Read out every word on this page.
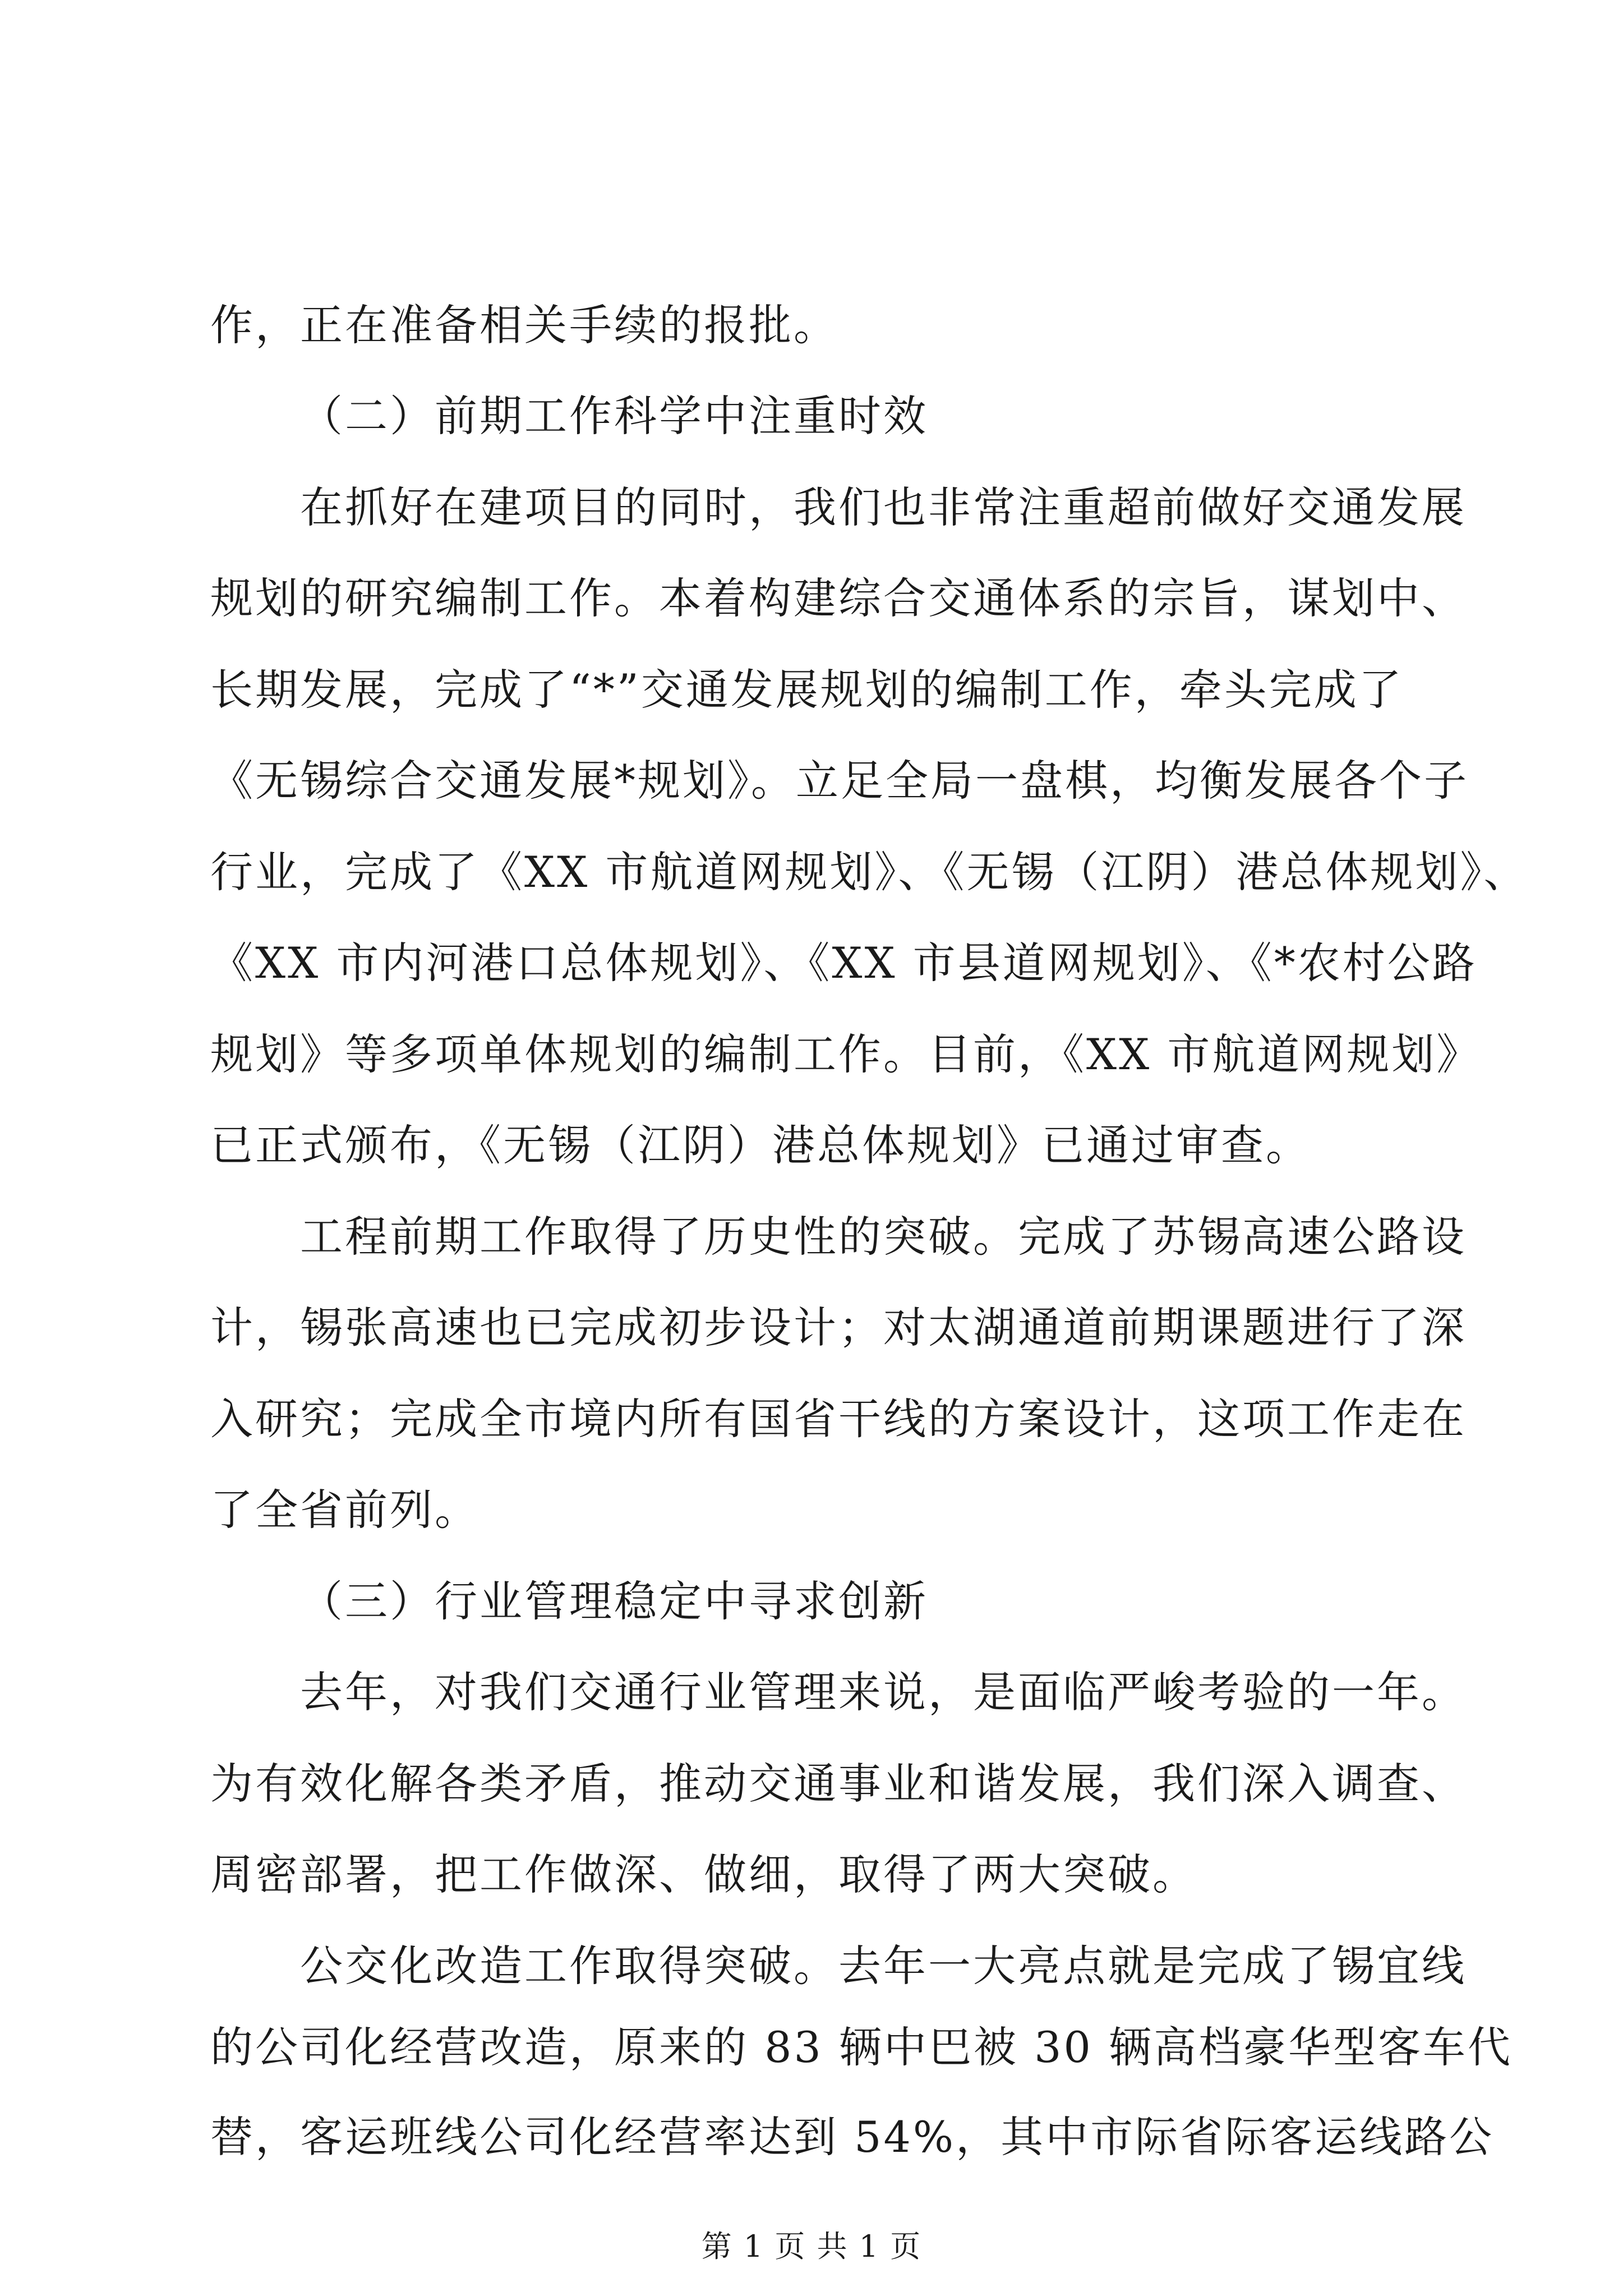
作，正在准备相关手续的报批。
（二）前期工作科学中注重时效
在抓好在建项目的同时，我们也非常注重超前做好交通发展
规划的研究编制工作。本着构建综合交通体系的宗旨，谋划中、
长期发展，完成了“*”交通发展规划的编制工作，牵头完成了
《无锡综合交通发展*规划》。立足全局一盘棋，均衡发展各个子
行业，完成了《XX 市航道网规划》、《无锡（江阴）港总体规划》、
《XX 市内河港口总体规划》、《XX 市县道网规划》、《*农村公路
规划》等多项单体规划的编制工作。目前，《XX 市航道网规划》
已正式颁布，《无锡（江阴）港总体规划》已通过审查。
工程前期工作取得了历史性的突破。完成了苏锡高速公路设
计，锡张高速也已完成初步设计；对太湖通道前期课题进行了深
入研究；完成全市境内所有国省干线的方案设计，这项工作走在
了全省前列。
（三）行业管理稳定中寻求创新
去年，对我们交通行业管理来说，是面临严峻考验的一年。
为有效化解各类矛盾，推动交通事业和谐发展，我们深入调查、
周密部署，把工作做深、做细，取得了两大突破。
公交化改造工作取得突破。去年一大亮点就是完成了锡宜线
的公司化经营改造，原来的 83 辆中巴被 30 辆高档豪华型客车代
替，客运班线公司化经营率达到 54%，其中市际省际客运线路公
第 1 页 共 1 页
